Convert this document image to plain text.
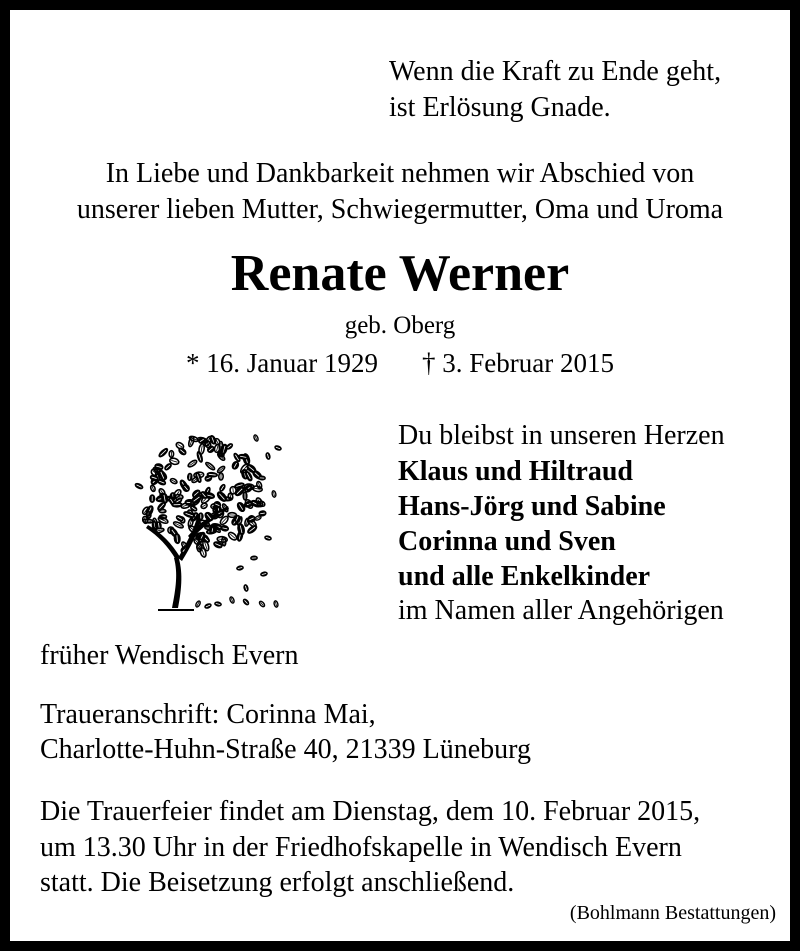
Wenn die Kraft zu Ende geht,
ist Erlösung Gnade.
In Liebe und Dankbarkeit nehmen wir Abschied von
unserer lieben Mutter, Schwiegermutter, Oma und Uroma
Renate Werner
geb. Oberg
* 16. Januar 1929 † 3. Februar 2015
Du bleibst in unseren Herzen
Klaus und Hiltraud
Hans-Jörg und Sabine
Corinna und Sven
und alle Enkelkinder
im Namen aller Angehörigen
früher Wendisch Evern
Traueranschrift: Corinna Mai,
Charlotte-Huhn-Straße 40, 21339 Lüneburg
Die Trauerfeier findet am Dienstag, dem 10. Februar 2015,
um 13.30 Uhr in der Friedhofskapelle in Wendisch Evern
statt. Die Beisetzung erfolgt anschließend.
(Bohlmann Bestattungen)
